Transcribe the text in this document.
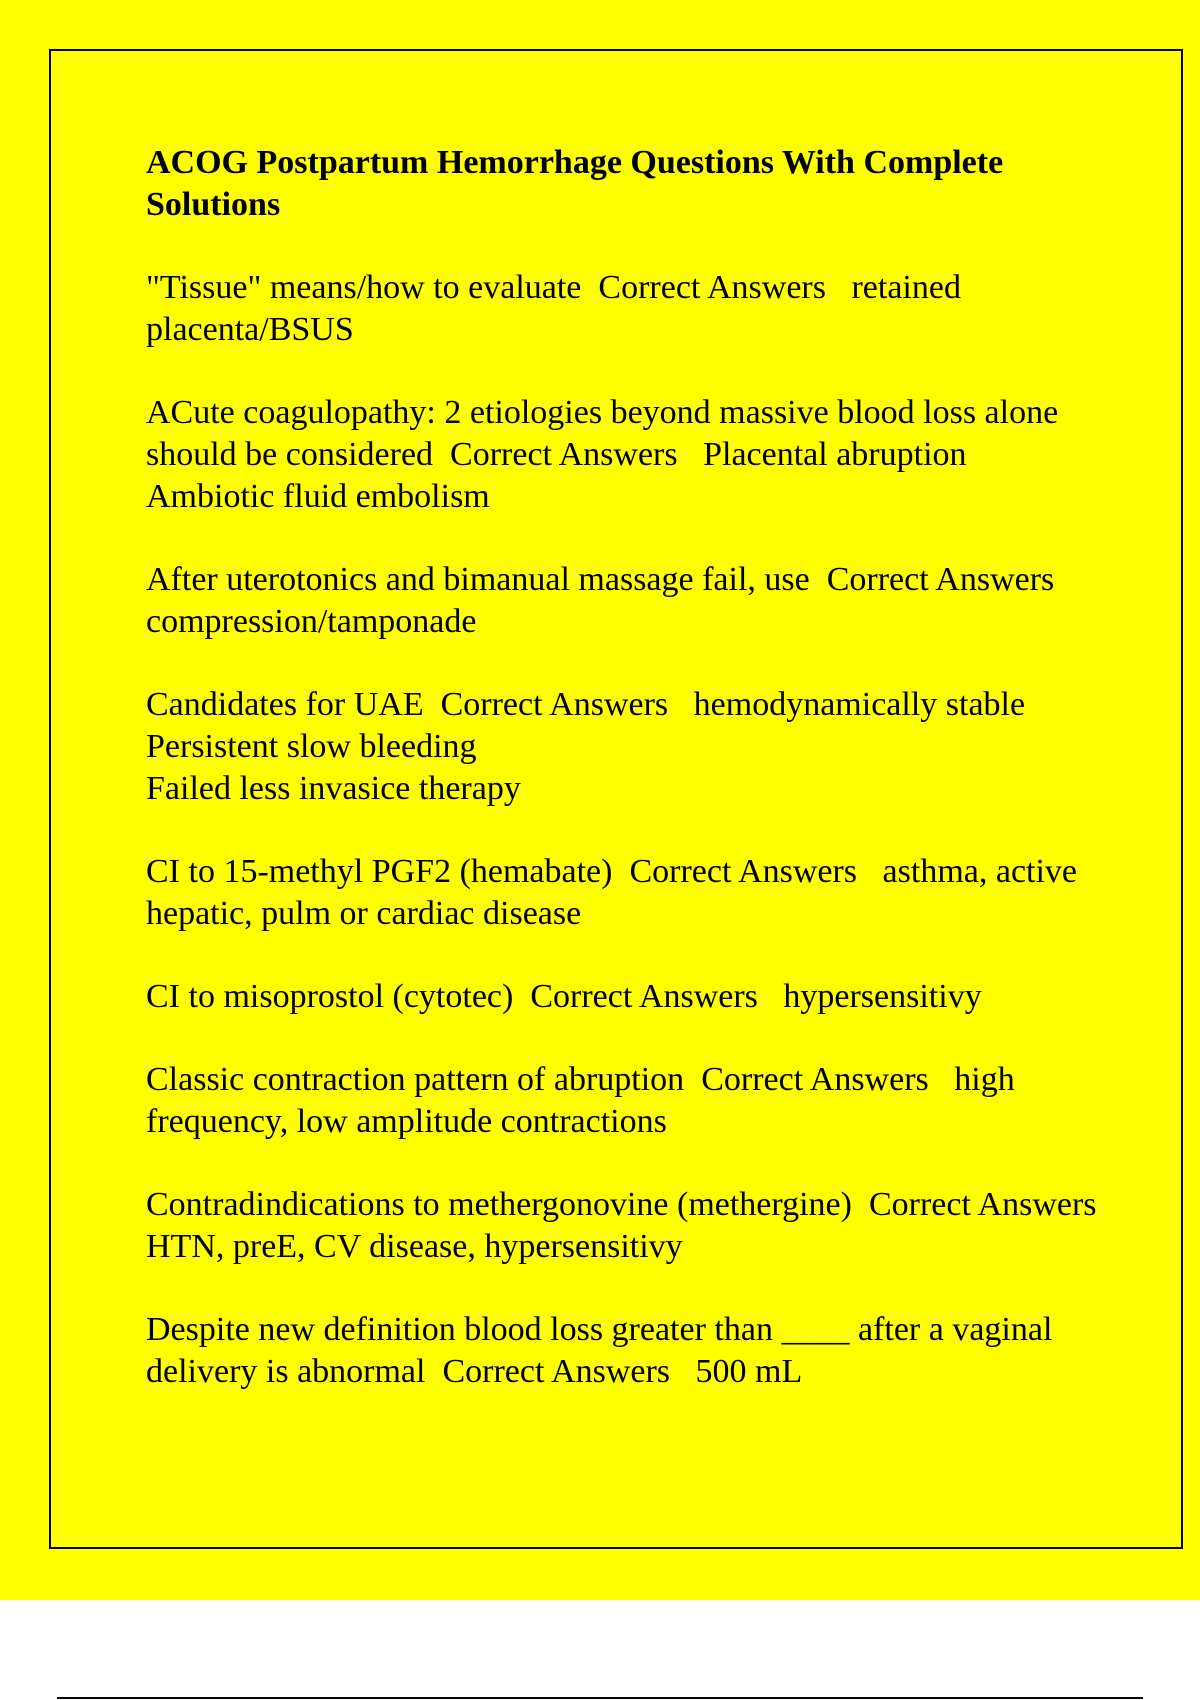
ACOG Postpartum Hemorrhage Questions With Complete Solutions
"Tissue" means/how to evaluate Correct Answers retained placenta/BSUS
ACute coagulopathy: 2 etiologies beyond massive blood loss alone should be considered Correct Answers Placental abruption
Ambiotic fluid embolism
After uterotonics and bimanual massage fail, use Correct Answers   compression/tamponade
Candidates for UAE Correct Answers hemodynamically stable
Persistent slow bleeding
Failed less invasice therapy
CI to 15-methyl PGF2 (hemabate) Correct Answers asthma, active hepatic, pulm or cardiac disease
CI to misoprostol (cytotec) Correct Answers hypersensitivy
Classic contraction pattern of abruption Correct Answers high frequency, low amplitude contractions
Contradindications to methergonovine (methergine) Correct Answers   HTN, preE, CV disease, hypersensitivy
Despite new definition blood loss greater than ____ after a vaginal delivery is abnormal Correct Answers 500 mL
